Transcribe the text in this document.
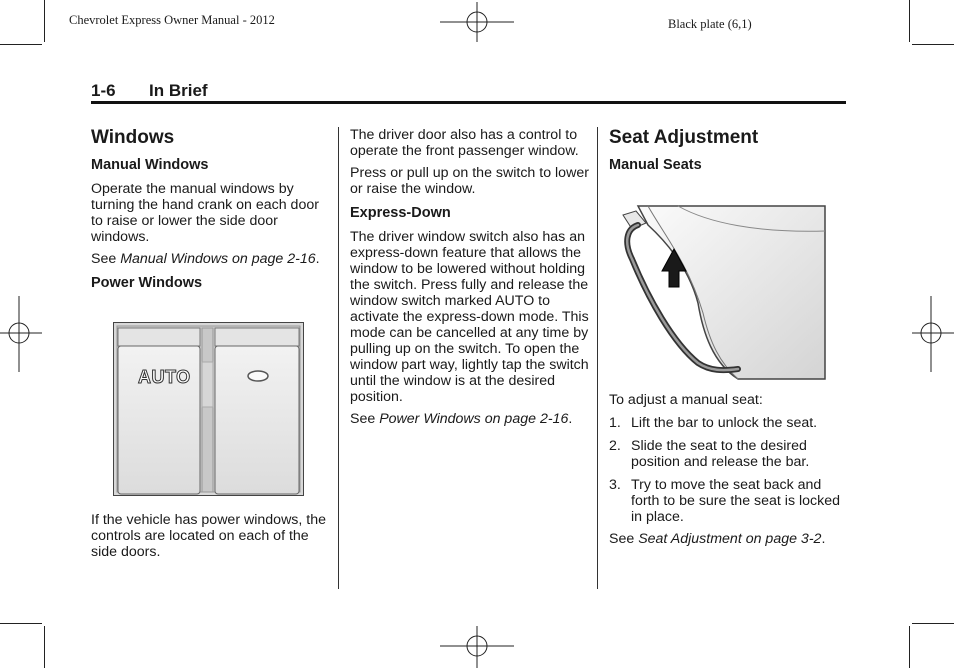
Chevrolet Express Owner Manual - 2012	Black plate (6,1)
1-6 In Brief

Windows

Manual Windows

Operate the manual windows by turning the hand crank on each door to raise or lower the side door windows.

See Manual Windows on page 2-16.

Power Windows

AUTO

If the vehicle has power windows, the controls are located on each of the side doors.

The driver door also has a control to operate the front passenger window.

Press or pull up on the switch to lower or raise the window.

Express-Down

The driver window switch also has an express-down feature that allows the window to be lowered without holding the switch. Press fully and release the window switch marked AUTO to activate the express-down mode. This mode can be cancelled at any time by pulling up on the switch. To open the window part way, lightly tap the switch until the window is at the desired position.

See Power Windows on page 2-16.

Seat Adjustment

Manual Seats

To adjust a manual seat:

1. Lift the bar to unlock the seat.
2. Slide the seat to the desired position and release the bar.
3. Try to move the seat back and forth to be sure the seat is locked in place.

See Seat Adjustment on page 3-2.
